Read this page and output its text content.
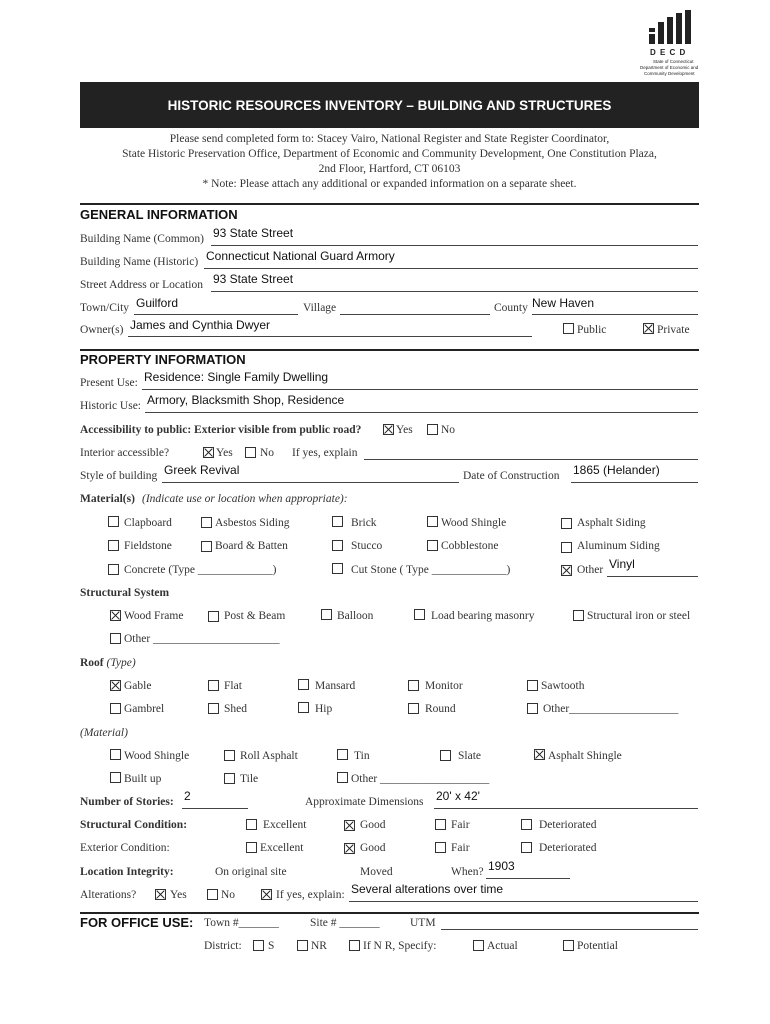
D E C D
State of Connecticut
Department of Economic and
Community Development
HISTORIC RESOURCES INVENTORY – BUILDING AND STRUCTURES
Please send completed form to: Stacey Vairo, National Register and State Register Coordinator,
State Historic Preservation Office, Department of Economic and Community Development, One Constitution Plaza,
2nd Floor, Hartford, CT 06103
* Note: Please attach any additional or expanded information on a separate sheet.
GENERAL INFORMATION
Building Name (Common) 93 State Street
Building Name (Historic) Connecticut National Guard Armory
Street Address or Location 93 State Street
Town/City Guilford	Village	County New Haven
Owner(s) James and Cynthia Dwyer	Public	Private
PROPERTY INFORMATION
Present Use: Residence: Single Family Dwelling
Historic Use: Armory, Blacksmith Shop, Residence
Accessibility to public: Exterior visible from public road?	Yes No
Interior accessible?	Yes No If yes, explain
Style of building Greek Revival	Date of Construction 1865 (Helander)
Material(s) (Indicate use or location when appropriate):
Clapboard	Asbestos Siding	Brick	Wood Shingle	Asphalt Siding
Fieldstone	Board & Batten	Stucco	Cobblestone	Aluminum Siding
Concrete (Type _____________)	Cut Stone ( Type _____________)	Other Vinyl
Structural System
Wood Frame	Post & Beam	Balloon	Load bearing masonry	Structural iron or steel
Other ______________________
Roof (Type)
Gable	Flat	Mansard	Monitor	Sawtooth
Gambrel	Shed	Hip	Round	Other___________________
(Material)
Wood Shingle	Roll Asphalt	Tin	Slate	Asphalt Shingle
Built up	Tile	Other ___________________
Number of Stories: 2	Approximate Dimensions 20' x 42'
Structural Condition:	Excellent	Good	Fair	Deteriorated
Exterior Condition:	Excellent	Good	Fair	Deteriorated
Location Integrity:	On original site	Moved	When? 1903
Alterations?	Yes	No	If yes, explain: Several alterations over time
FOR OFFICE USE: Town #_______	Site # _______	UTM
District: S	NR	If N R, Specify:	Actual	Potential
